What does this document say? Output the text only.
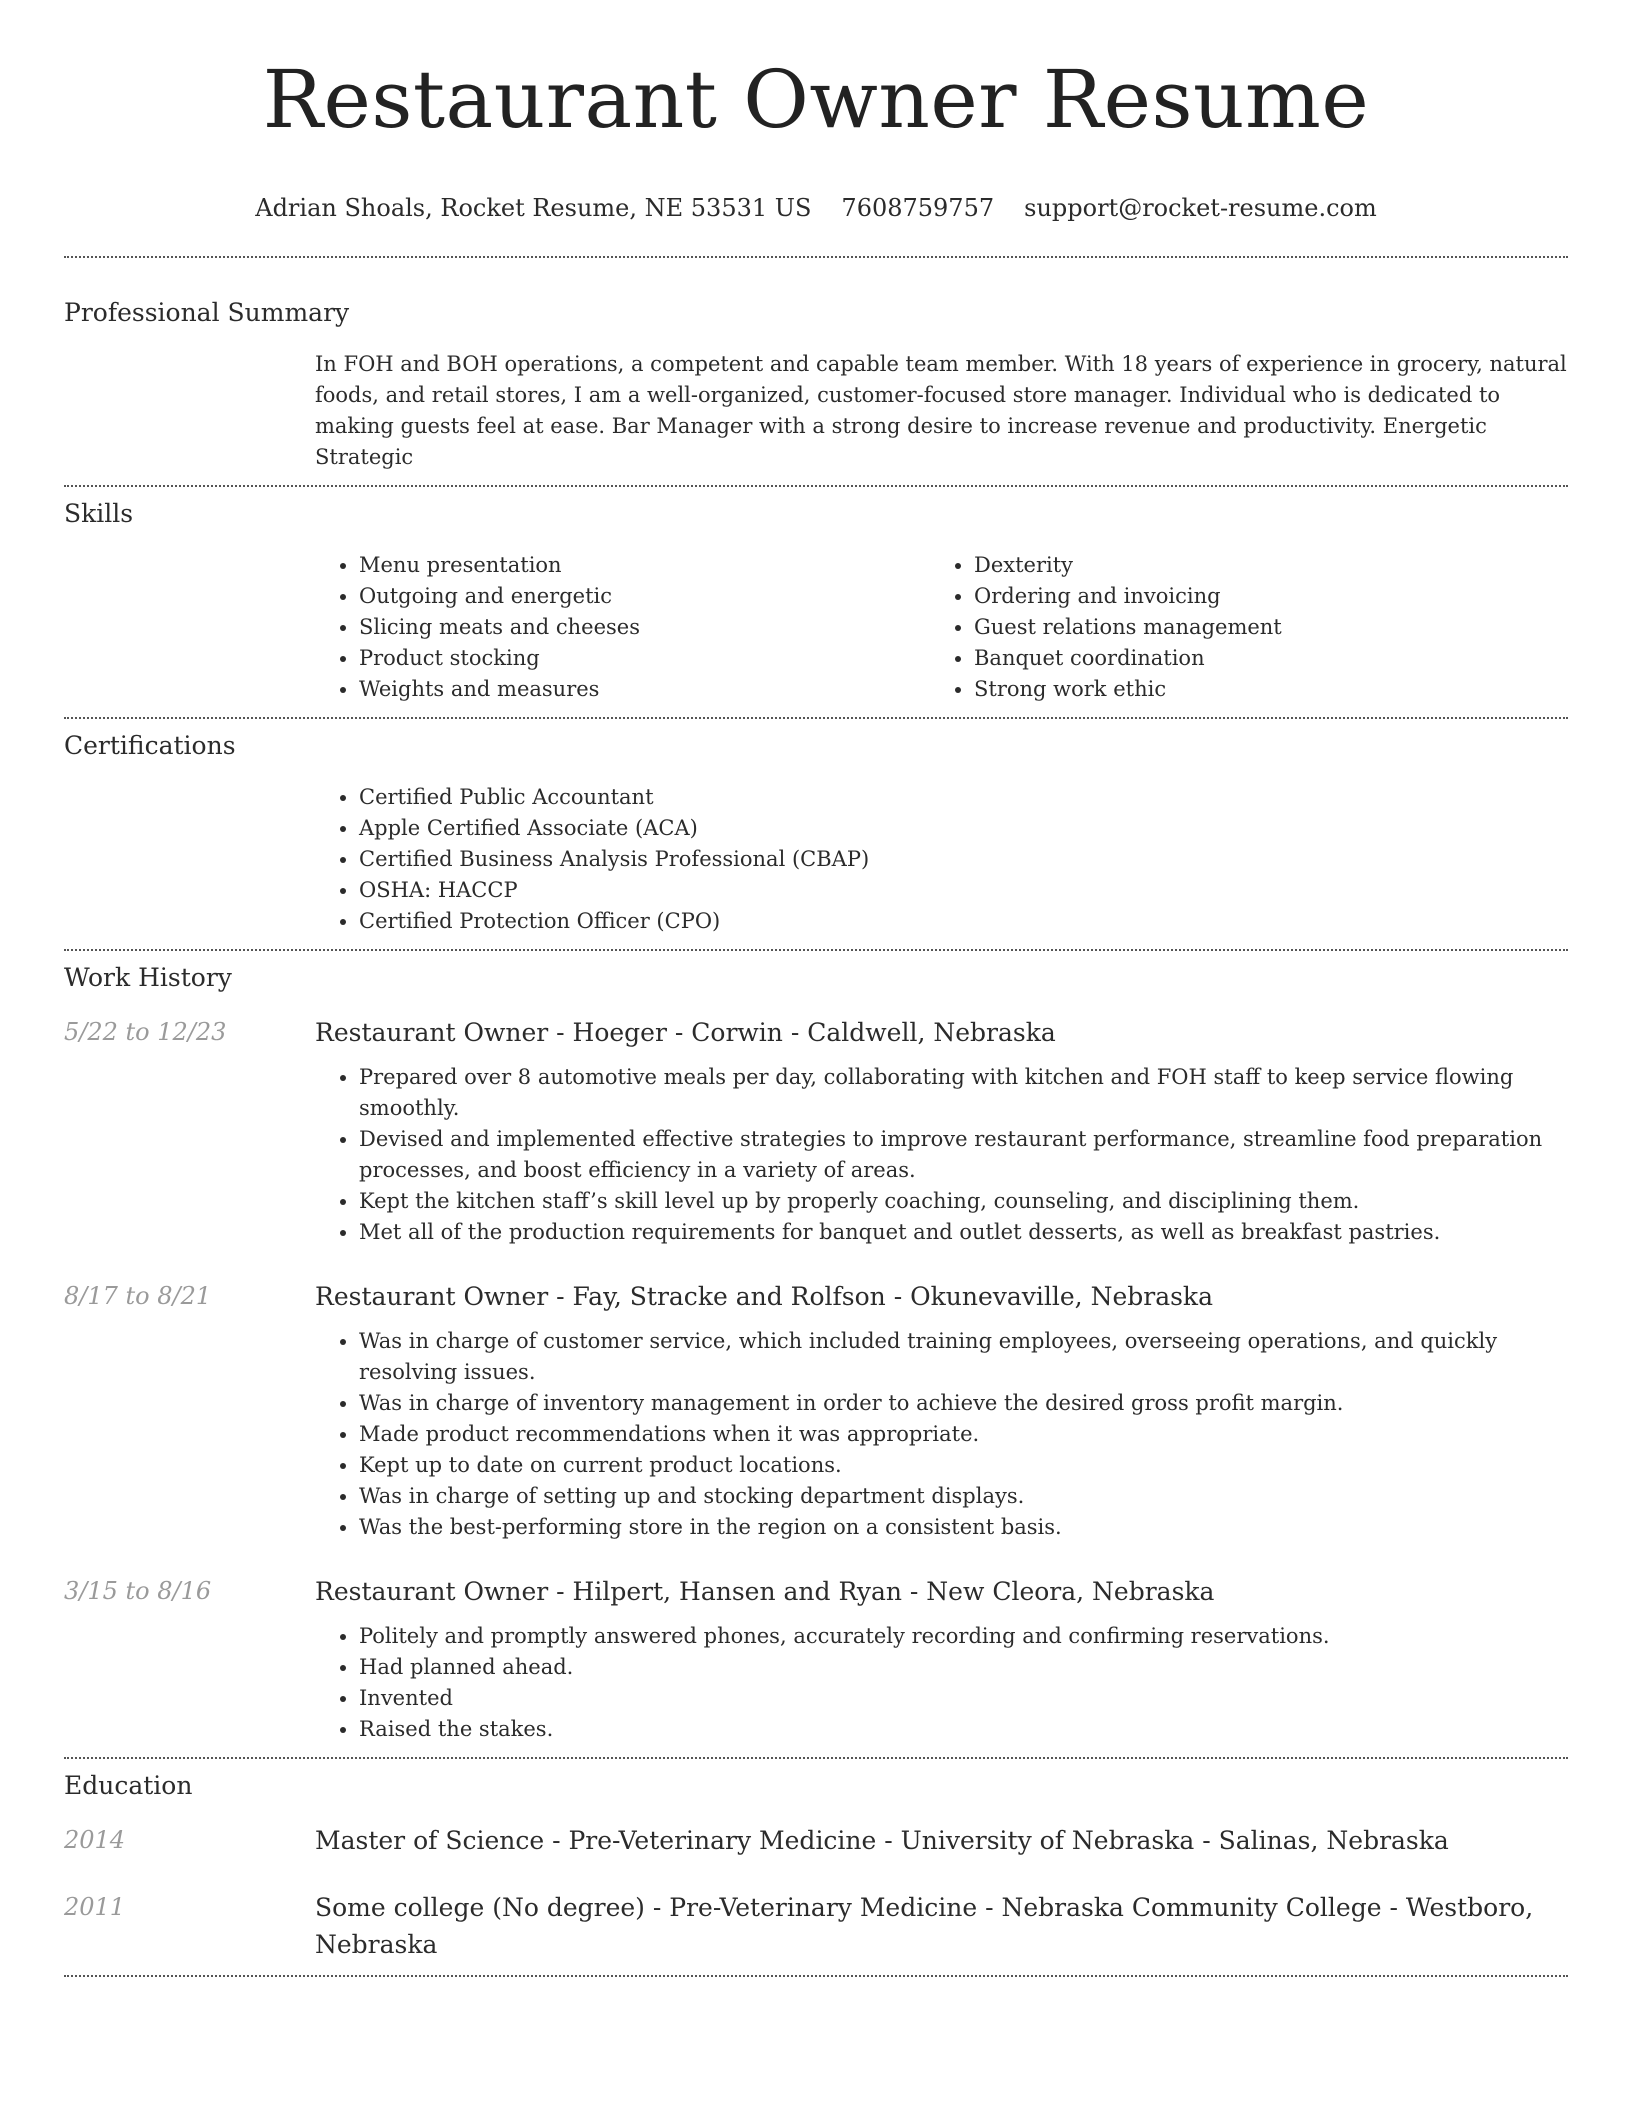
Restaurant Owner Resume
Adrian Shoals, Rocket Resume, NE 53531 US 7608759757 support@rocket-resume.com
Professional Summary

In FOH and BOH operations, a competent and capable team member. With 18 years of experience in grocery, natural foods, and retail stores, I am a well-organized, customer-focused store manager. Individual who is dedicated to making guests feel at ease. Bar Manager with a strong desire to increase revenue and productivity. Energetic Strategic

Skills
• Menu presentation
• Outgoing and energetic
• Slicing meats and cheeses
• Product stocking
• Weights and measures
• Dexterity
• Ordering and invoicing
• Guest relations management
• Banquet coordination
• Strong work ethic
Certifications
• Certified Public Accountant
• Apple Certified Associate (ACA)
• Certified Business Analysis Professional (CBAP)
• OSHA: HACCP
• Certified Protection Officer (CPO)
Work History
5/22 to 12/23	Restaurant Owner - Hoeger - Corwin - Caldwell, Nebraska
• Prepared over 8 automotive meals per day, collaborating with kitchen and FOH staff to keep service flowing smoothly.
• Devised and implemented effective strategies to improve restaurant performance, streamline food preparation processes, and boost efficiency in a variety of areas.
• Kept the kitchen staff’s skill level up by properly coaching, counseling, and disciplining them.
• Met all of the production requirements for banquet and outlet desserts, as well as breakfast pastries.
8/17 to 8/21	Restaurant Owner - Fay, Stracke and Rolfson - Okunevaville, Nebraska
• Was in charge of customer service, which included training employees, overseeing operations, and quickly resolving issues.
• Was in charge of inventory management in order to achieve the desired gross profit margin.
• Made product recommendations when it was appropriate.
• Kept up to date on current product locations.
• Was in charge of setting up and stocking department displays.
• Was the best-performing store in the region on a consistent basis.
3/15 to 8/16	Restaurant Owner - Hilpert, Hansen and Ryan - New Cleora, Nebraska
• Politely and promptly answered phones, accurately recording and confirming reservations.
• Had planned ahead.
• Invented
• Raised the stakes.
Education
2014	Master of Science - Pre-Veterinary Medicine - University of Nebraska - Salinas, Nebraska
2011	Some college (No degree) - Pre-Veterinary Medicine - Nebraska Community College - Westboro, Nebraska
